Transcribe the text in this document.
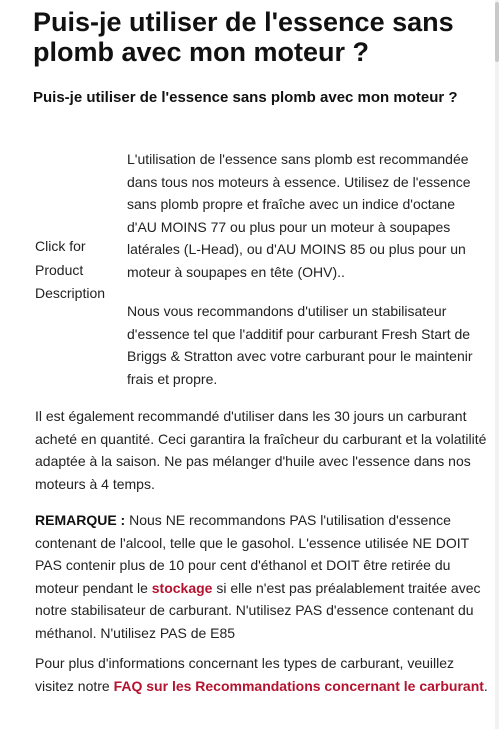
Puis-je utiliser de l'essence sans plomb avec mon moteur ?
Puis-je utiliser de l'essence sans plomb avec mon moteur ?
Click for
Product
Description

L'utilisation de l'essence sans plomb est recommandée dans tous nos moteurs à essence. Utilisez de l'essence sans plomb propre et fraîche avec un indice d'octane d'AU MOINS 77 ou plus pour un moteur à soupapes latérales (L-Head), ou d'AU MOINS 85 ou plus pour un moteur à soupapes en tête (OHV)..

Nous vous recommandons d'utiliser un stabilisateur d'essence tel que l'additif pour carburant Fresh Start de Briggs & Stratton avec votre carburant pour le maintenir frais et propre.

Il est également recommandé d'utiliser dans les 30 jours un carburant acheté en quantité. Ceci garantira la fraîcheur du carburant et la volatilité adaptée à la saison. Ne pas mélanger d'huile avec l'essence dans nos moteurs à 4 temps.

REMARQUE : Nous NE recommandons PAS l'utilisation d'essence contenant de l'alcool, telle que le gasohol. L'essence utilisée NE DOIT PAS contenir plus de 10 pour cent d'éthanol et DOIT être retirée du moteur pendant le stockage si elle n'est pas préalablement traitée avec notre stabilisateur de carburant. N'utilisez PAS d'essence contenant du méthanol. N'utilisez PAS de E85

Pour plus d'informations concernant les types de carburant, veuillez visitez notre FAQ sur les Recommandations concernant le carburant.
